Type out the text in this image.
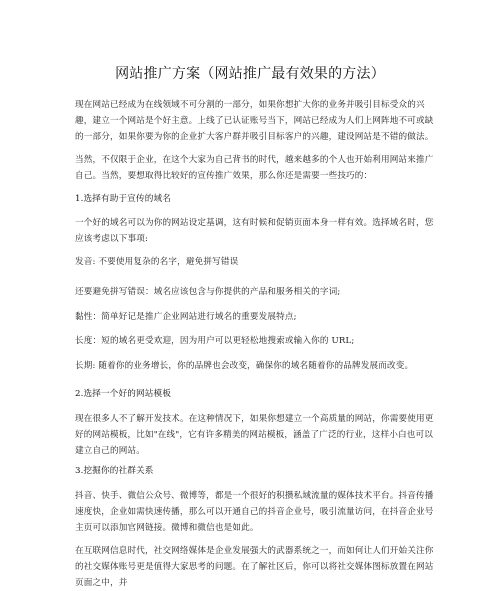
网站推广方案（网站推广最有效果的方法）

现在网站已经成为在线领域不可分割的一部分，如果你想扩大你的业务并吸引目标受众的兴趣，建立一个网站是个好主意。上线了已认证账号当下，网站已经成为人们上网阵地不可或缺的一部分，如果你要为你的企业扩大客户群并吸引目标客户的兴趣，建设网站是不错的做法。

当然，不仅限于企业，在这个大家为自己背书的时代，越来越多的个人也开始利用网站来推广自己。当然，要想取得比较好的宣传推广效果，那么你还是需要一些技巧的：

1.选择有助于宣传的域名

一个好的域名可以为你的网站设定基调，这有时候和促销页面本身一样有效。选择域名时，您应该考虑以下事项:

发音: 不要使用复杂的名字，避免拼写错误

还要避免拼写错误：域名应该包含与你提供的产品和服务相关的字词;

黏性：简单好记是推广企业网站进行域名的重要发展特点;

长度：短的域名更受欢迎，因为用户可以更轻松地搜索或输入你的 URL;

长期: 随着你的业务增长，你的品牌也会改变，确保你的域名随着你的品牌发展而改变。

2.选择一个好的网站模板

现在很多人不了解开发技术。在这种情况下，如果你想建立一个高质量的网站，你需要使用更好的网站模板，比如"在线"，它有许多精美的网站模板，涵盖了广泛的行业，这样小白也可以建立自己的网站。

3.挖掘你的社群关系

抖音、快手、微信公众号、微博等，都是一个很好的积攒私域流量的媒体技术平台。抖音传播速度快，企业如需快速传播，那么可以开通自己的抖音企业号，吸引流量访问，在抖音企业号主页可以添加官网链接。微博和微信也是如此。

在互联网信息时代，社交网络媒体是企业发展强大的武器系统之一，而如何让人们开始关注你的社交媒体账号更是值得大家思考的问题。在了解社区后，你可以将社交媒体图标放置在网站页面之中，并
